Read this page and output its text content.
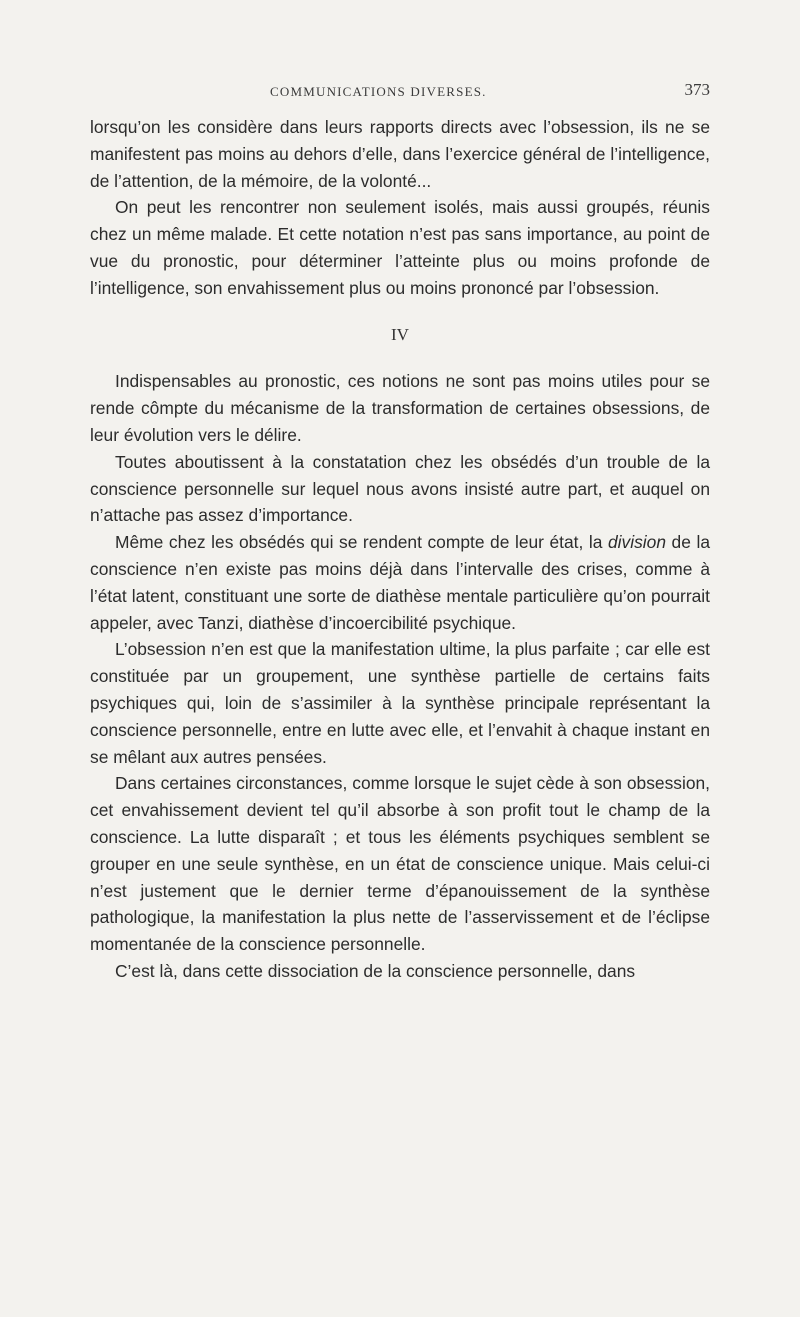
COMMUNICATIONS DIVERSES.	373

lorsqu’on les considère dans leurs rapports directs avec l’obsession, ils ne se manifestent pas moins au dehors d’elle, dans l’exercice général de l’intelligence, de l’attention, de la mémoire, de la volonté...

On peut les rencontrer non seulement isolés, mais aussi groupés, réunis chez un même malade. Et cette notation n’est pas sans importance, au point de vue du pronostic, pour déterminer l’atteinte plus ou moins profonde de l’intelligence, son envahissement plus ou moins prononcé par l’obsession.

IV

Indispensables au pronostic, ces notions ne sont pas moins utiles pour se rende cômpte du mécanisme de la transformation de certaines obsessions, de leur évolution vers le délire.

Toutes aboutissent à la constatation chez les obsédés d’un trouble de la conscience personnelle sur lequel nous avons insisté autre part, et auquel on n’attache pas assez d’importance.

Même chez les obsédés qui se rendent compte de leur état, la division de la conscience n’en existe pas moins déjà dans l’intervalle des crises, comme à l’état latent, constituant une sorte de diathèse mentale particulière qu’on pourrait appeler, avec Tanzi, diathèse d’incoercibilité psychique.

L’obsession n’en est que la manifestation ultime, la plus parfaite ; car elle est constituée par un groupement, une synthèse partielle de certains faits psychiques qui, loin de s’assimiler à la synthèse principale représentant la conscience personnelle, entre en lutte avec elle, et l’envahit à chaque instant en se mêlant aux autres pensées.

Dans certaines circonstances, comme lorsque le sujet cède à son obsession, cet envahissement devient tel qu’il absorbe à son profit tout le champ de la conscience. La lutte disparaît ; et tous les éléments psychiques semblent se grouper en une seule synthèse, en un état de conscience unique. Mais celui-ci n’est justement que le dernier terme d’épanouissement de la synthèse pathologique, la manifestation la plus nette de l’asservissement et de l’éclipse momentanée de la conscience personnelle.

C’est là, dans cette dissociation de la conscience personnelle, dans
